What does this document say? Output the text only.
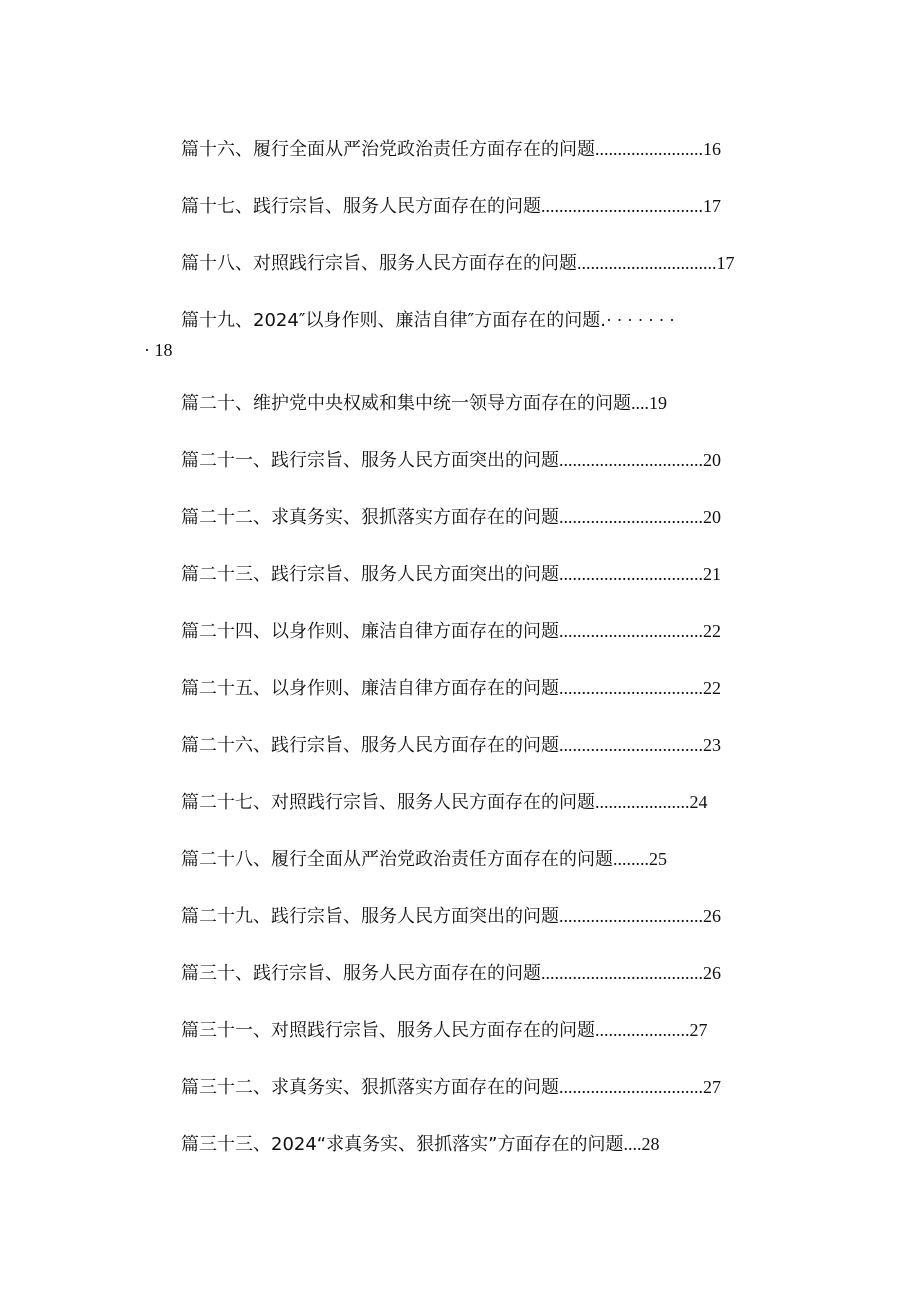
篇十六、履行全面从严治党政治责任方面存在的问题........................16
篇十七、践行宗旨、服务人民方面存在的问题....................................17
篇十八、对照践行宗旨、服务人民方面存在的问题...............................17
篇十九、2024″以身作则、廉洁自律″方面存在的问题.· · · · · · ·
· 18
篇二十、维护党中央权威和集中统一领导方面存在的问题....19
篇二十一、践行宗旨、服务人民方面突出的问题................................20
篇二十二、求真务实、狠抓落实方面存在的问题................................20
篇二十三、践行宗旨、服务人民方面突出的问题................................21
篇二十四、以身作则、廉洁自律方面存在的问题................................22
篇二十五、以身作则、廉洁自律方面存在的问题................................22
篇二十六、践行宗旨、服务人民方面存在的问题................................23
篇二十七、对照践行宗旨、服务人民方面存在的问题.....................24
篇二十八、履行全面从严治党政治责任方面存在的问题........25
篇二十九、践行宗旨、服务人民方面突出的问题................................26
篇三十、践行宗旨、服务人民方面存在的问题....................................26
篇三十一、对照践行宗旨、服务人民方面存在的问题.....................27
篇三十二、求真务实、狠抓落实方面存在的问题................................27
篇三十三、2024“求真务实、狠抓落实”方面存在的问题....28
